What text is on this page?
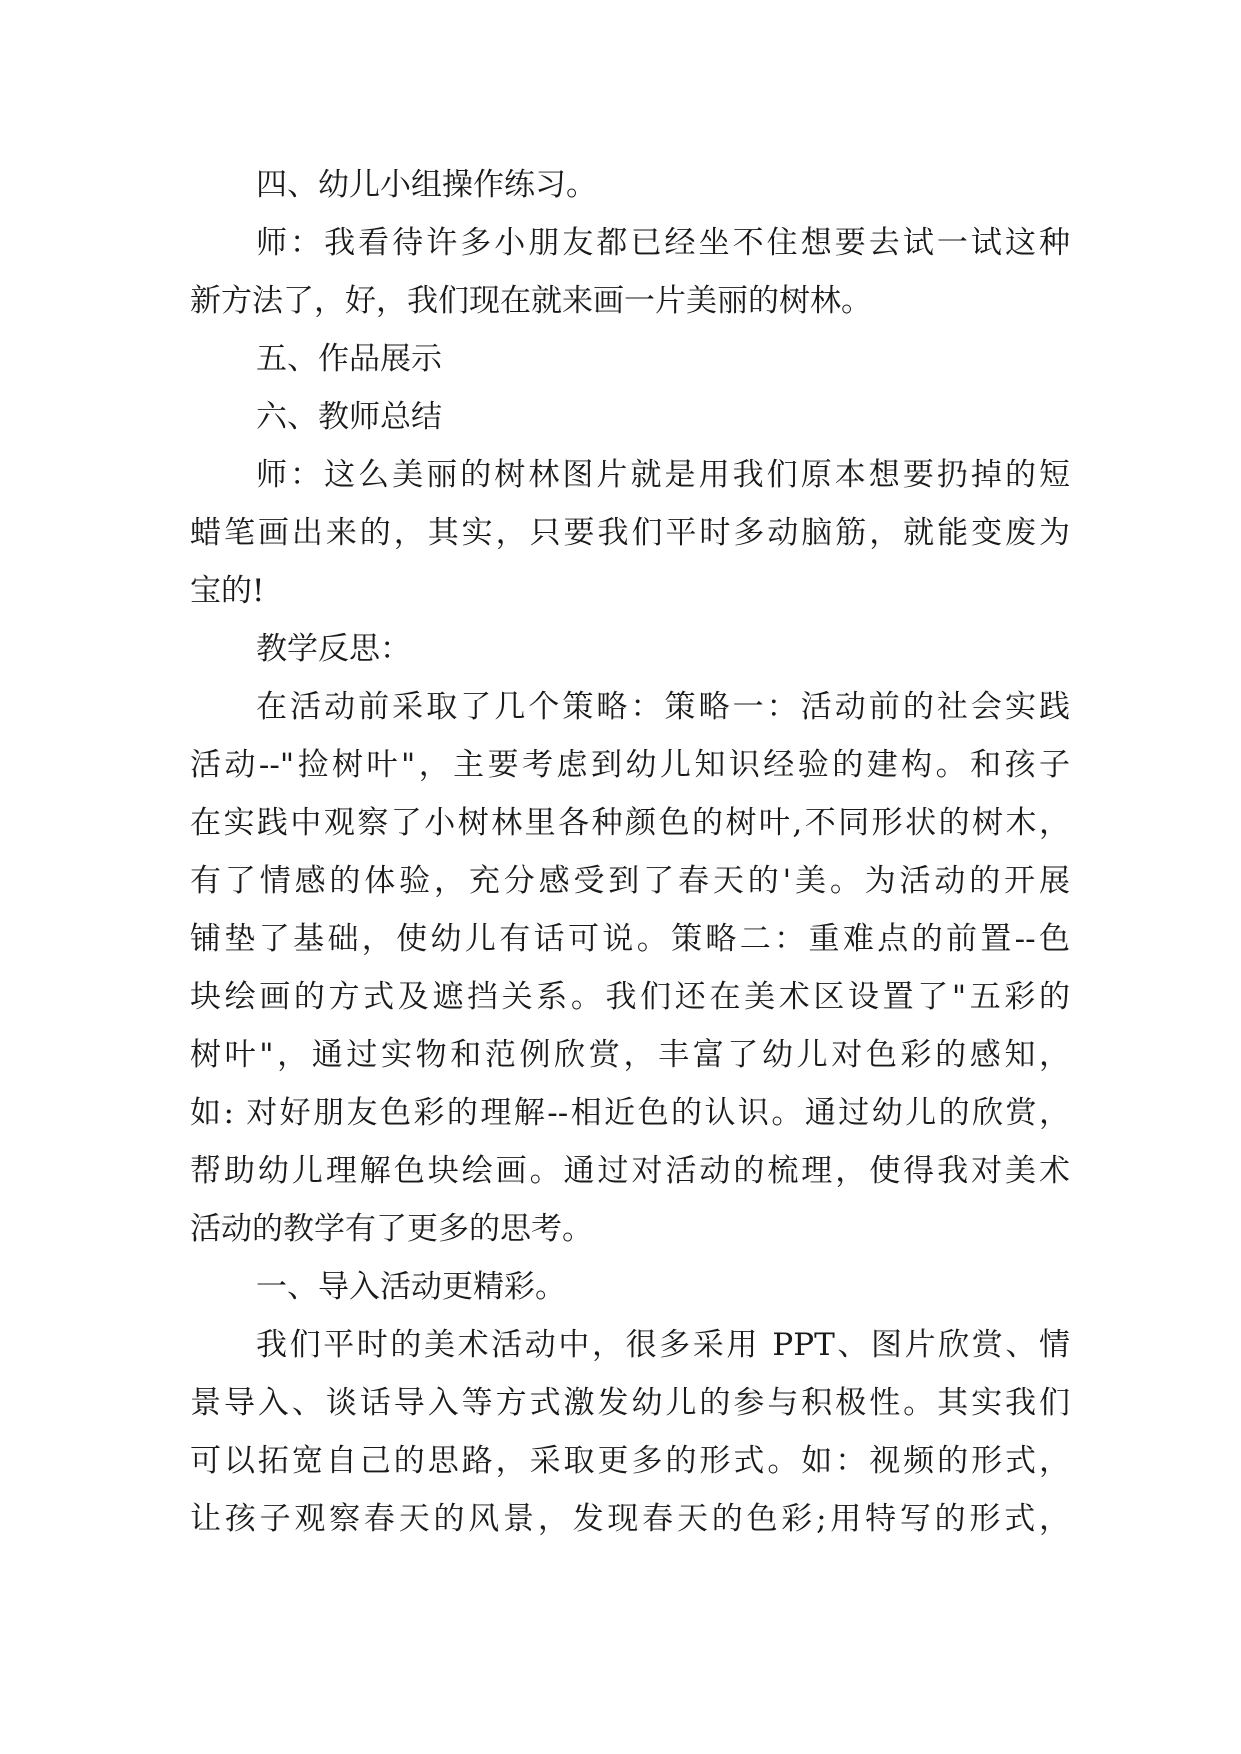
四、幼儿小组操作练习。
师：我看待许多小朋友都已经坐不住想要去试一试这种
新方法了，好，我们现在就来画一片美丽的树林。
五、作品展示
六、教师总结
师：这么美丽的树林图片就是用我们原本想要扔掉的短
蜡笔画出来的，其实，只要我们平时多动脑筋，就能变废为
宝的!
教学反思：
在活动前采取了几个策略：策略一：活动前的社会实践
活动--"捡树叶"，主要考虑到幼儿知识经验的建构。和孩子
在实践中观察了小树林里各种颜色的树叶,不同形状的树木，
有了情感的体验，充分感受到了春天的'美。为活动的开展
铺垫了基础，使幼儿有话可说。策略二：重难点的前置--色
块绘画的方式及遮挡关系。我们还在美术区设置了"五彩的
树叶"，通过实物和范例欣赏，丰富了幼儿对色彩的感知，
如: 对好朋友色彩的理解--相近色的认识。通过幼儿的欣赏，
帮助幼儿理解色块绘画。通过对活动的梳理，使得我对美术
活动的教学有了更多的思考。
一、导入活动更精彩。
我们平时的美术活动中，很多采用 PPT、图片欣赏、情
景导入、谈话导入等方式激发幼儿的参与积极性。其实我们
可以拓宽自己的思路，采取更多的形式。如：视频的形式，
让孩子观察春天的风景，发现春天的色彩;用特写的形式，
